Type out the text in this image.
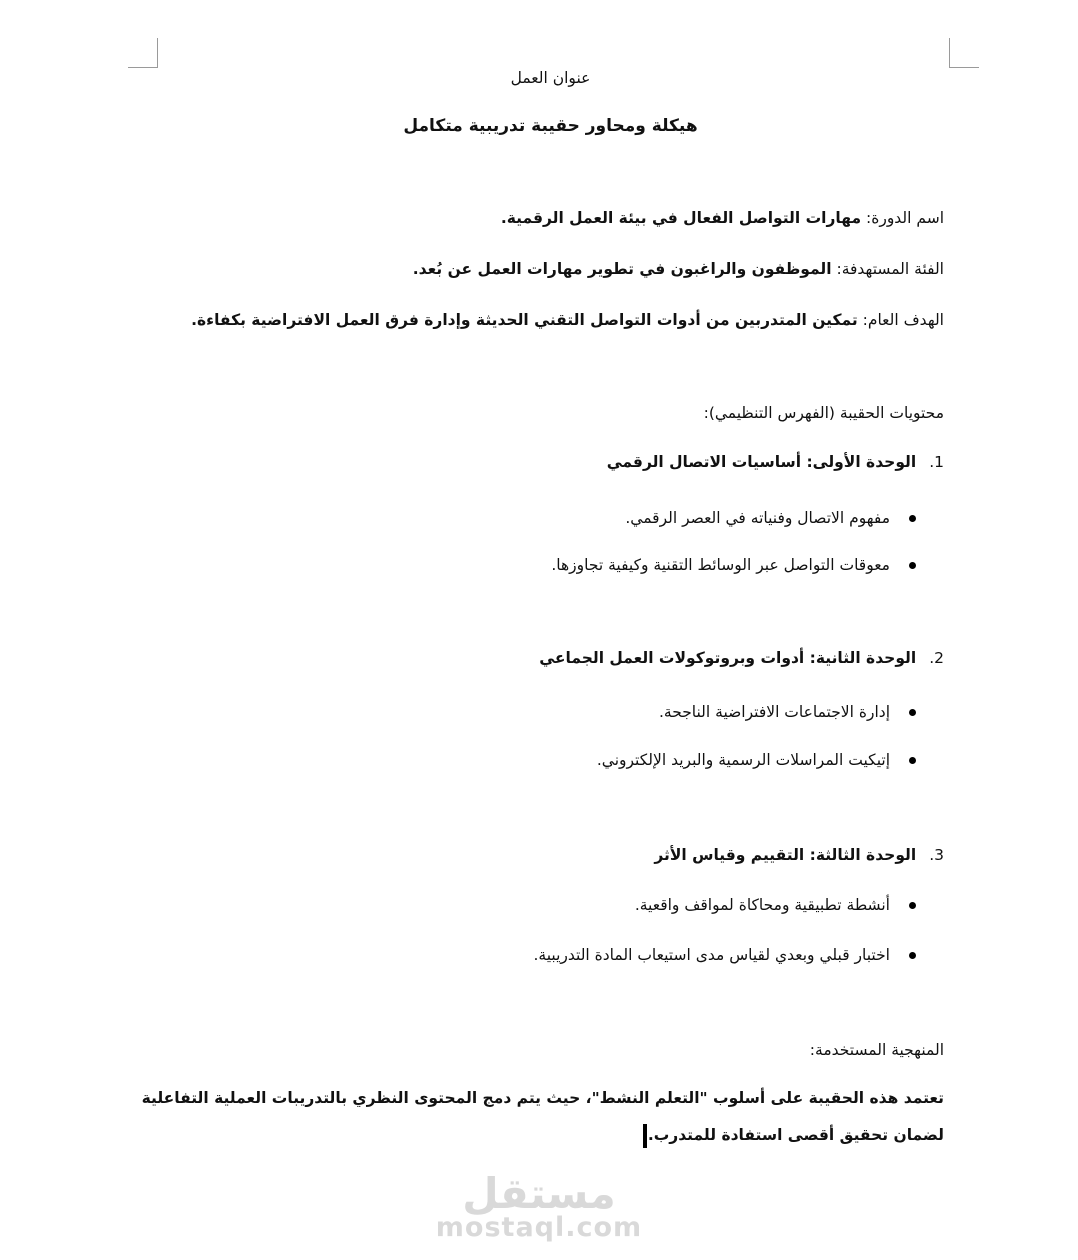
عنوان العمل
هيكلة ومحاور حقيبة تدريبية متكامل
اسم الدورة: مهارات التواصل الفعال في بيئة العمل الرقمية.
الفئة المستهدفة: الموظفون والراغبون في تطوير مهارات العمل عن بُعد.
الهدف العام: تمكين المتدربين من أدوات التواصل التقني الحديثة وإدارة فرق العمل الافتراضية بكفاءة.
محتويات الحقيبة (الفهرس التنظيمي):
1.
الوحدة الأولى: أساسيات الاتصال الرقمي
مفهوم الاتصال وفنياته في العصر الرقمي.
معوقات التواصل عبر الوسائط التقنية وكيفية تجاوزها.
2.
الوحدة الثانية: أدوات وبروتوكولات العمل الجماعي
إدارة الاجتماعات الافتراضية الناجحة.
إتيكيت المراسلات الرسمية والبريد الإلكتروني.
3.
الوحدة الثالثة: التقييم وقياس الأثر
أنشطة تطبيقية ومحاكاة لمواقف واقعية.
اختبار قبلي وبعدي لقياس مدى استيعاب المادة التدريبية.
المنهجية المستخدمة:
تعتمد هذه الحقيبة على أسلوب "التعلم النشط"، حيث يتم دمج المحتوى النظري بالتدريبات العملية التفاعلية
لضمان تحقيق أقصى استفادة للمتدرب.
مستقل
mostaql.com
